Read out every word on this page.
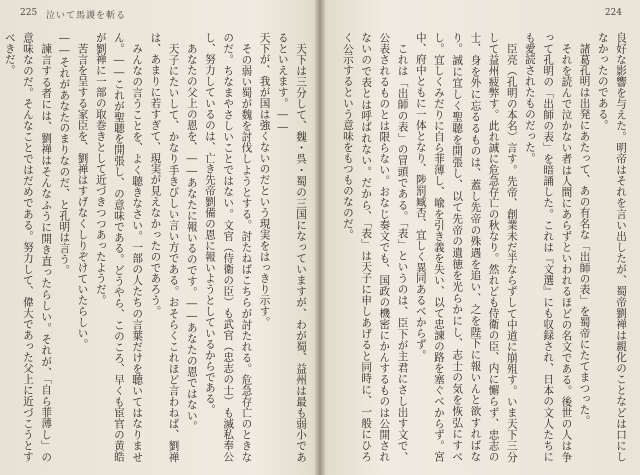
225 泣いて馬謖を斬る

天下は三分して、魏・呉・蜀の三国になっていますが、わが蜀、益州は最も弱小であるといえます。――

天下が、我が国は強くないのだという現実をはっきり示す。

その弱い蜀が魏を討伐しようとする。討たねばこちらが討たれる。危急存亡のときなのだ。ちなまやさしいことではない。文官（侍衛の臣）も武官（忠志の士）も滅私奉公し、努力しているのは、亡き先帝劉備の恩に報いようとしているからである。

あなたの父上の恩を、――あなたに報いるのです。――あなたの恩ではない。

天子にたいして、かなり手きびしい言い方である。おそらくこれほど言わねば、劉禅は、あまりに若すぎて、現実が見えなかったのであろう。

みんなの言うことを、よく聴きなさい。一部の人たちの言葉だけを聴いてはなりません。――これが聖聴を開張し、の意味である。どうやら、このころ、早くも宦官の黄皓が劉禅に一部の取巻きとして近づきつつあったようだ。

苦言を呈する家臣を、劉禅はすげなくしりぞけていたらしい。

――それがあなたのまりなのだ、と孔明は言う。

諫言する者には、劉禅はそんなふうに開き直ったらしい。それが、「自ら菲薄し」の意味なのだ。そんなことではだめである。努力して、偉大であった父上に近づこうとすべきだ。

224

良好な影響を与えた。明帝はそれを言い出したが、蜀帝劉禅は親化のことなどは口にしなかったのである。

諸葛孔明は出発にあたって、あの有名な「出師の表」を蜀帝にたてまつった。

それを読んで泣かない者は人間にあらずといわれるほどの名文である。後世の人は争って孔明の「出師の表」を暗誦した。これは『文選』にも収録され、日本の文人たちにも愛読されたものだった。

臣亮（孔明の本名）言す。先帝、創業未だ半ならずして中道に崩殂す。いま天下三分して益州疲弊す。此れ誠に危急存亡の秋なり。然れども侍衛の臣、内に懈らず、忠志の士、身を外に忘るるものは、蓋し先帝の殊遇を追い、之を陛下に報いんと欲すればなり。誠に宜しく聖聴を開張し、以て先帝の遺徳を光らかにし、志士の気を恢弘にすべし。宜しくみだりに自ら菲薄し、喩を引き義を失い、以て忠諫の路を塞ぐべからず。宮中、府中ともに一体となり、陟罰臧否、宜しく異同あるべからず。

これは「出師の表」の冒頭である。「表」というのは、臣下が主君にさし出す文で、公表されるものとは限らない。おなじ奏文でも、国政の機密にかんするものは公開されないので表とは呼ばれない。だから、「表」は天子に申しあげると同時に、一般にひろく公示するという意味をもつものなのだ。
